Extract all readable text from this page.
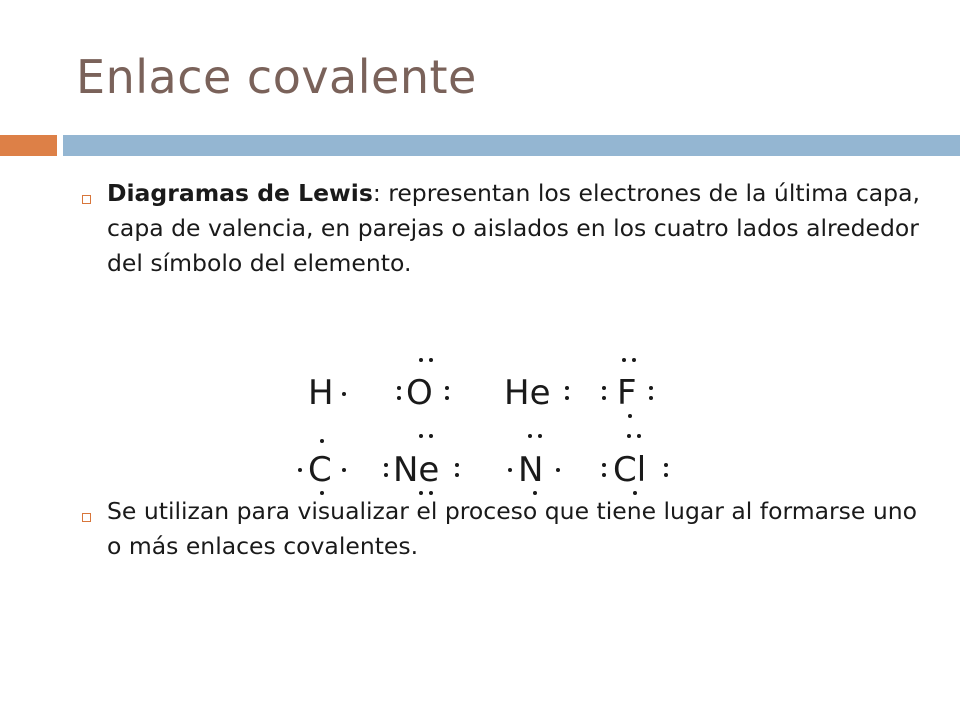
Enlace covalente
Diagramas de Lewis: representan los electrones de la última capa, capa de valencia, en parejas o aislados en los cuatro lados alrededor del símbolo del elemento.
H O He F
C Ne N Cl
Se utilizan para visualizar el proceso que tiene lugar al formarse uno o más enlaces covalentes.
